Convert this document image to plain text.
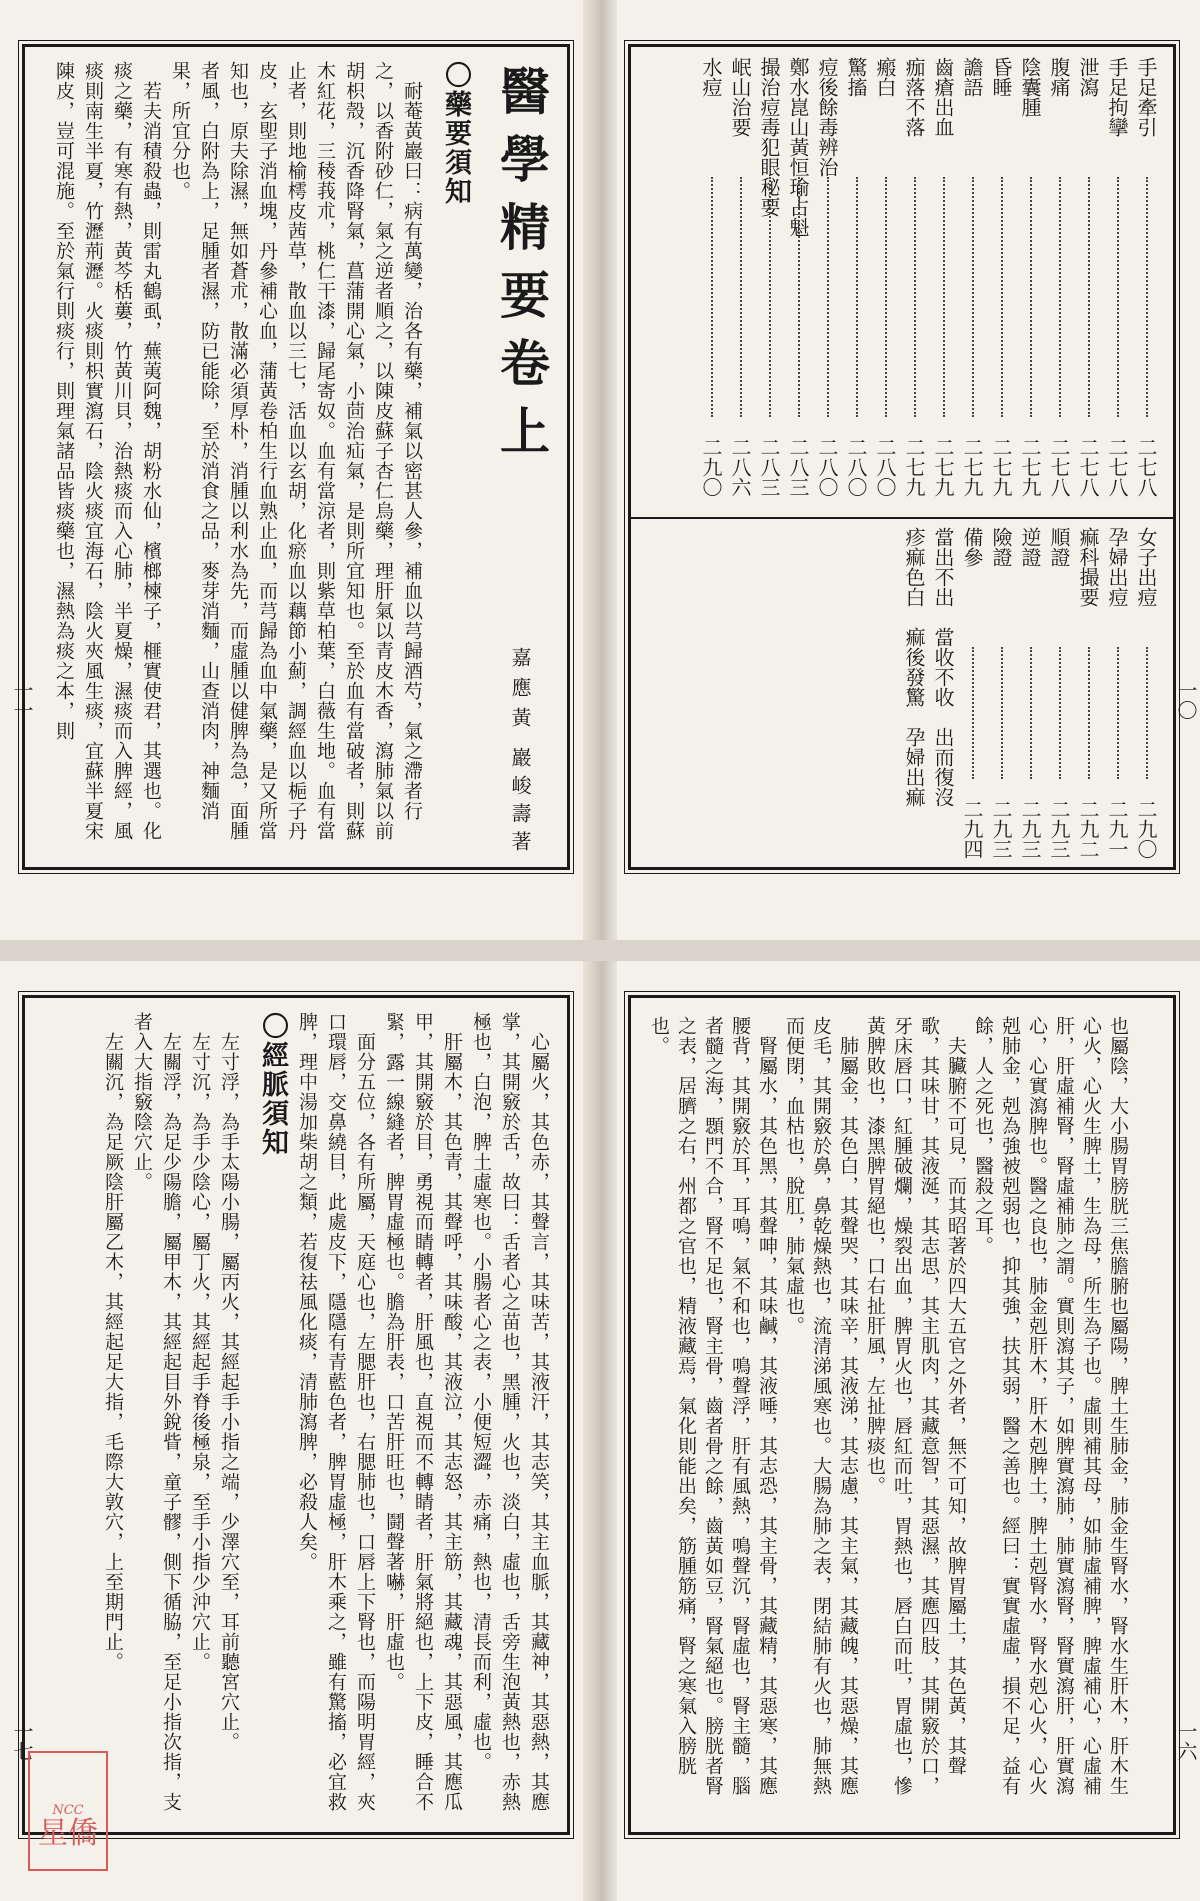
醫學精要卷上
嘉應黃
巖峻壽著
〇藥要須知
　耐菴黃巖曰：病有萬變，治各有藥，補氣以密甚人參，補血以芎歸酒芍，氣之滯者行之，以香附砂仁，氣之逆者順之，以陳皮蘇子杏仁烏藥，理肝氣以青皮木香，瀉肺氣以前胡枳殼，沉香降腎氣，菖蒲開心氣，小茴治疝氣，是則所宜知也。至於血有當破者，則蘇木紅花，三稜莪朮，桃仁干漆，歸尾寄奴。血有當涼者，則紫草柏葉，白薇生地。血有當止者，則地榆樗皮茜草，散血以三七，活血以玄胡，化瘀血以藕節小薊，調經血以梔子丹皮，玄堲子消血塊，丹參補心血，蒲黃卷柏生行血熟止血，而芎歸為血中氣藥，是又所當知也，原夫除濕，無如蒼朮，散滿必須厚朴，消腫以利水為先，而虛腫以健脾為急，面腫者風，白附為上，足腫者濕，防已能除，至於消食之品，麥芽消麵，山查消肉，神麵消果，所宜分也。
　若夫消積殺蟲，則雷丸鶴虱，蕪荑阿魏，胡粉水仙，檳榔楝子，榧實使君，其選也。化痰之藥，有寒有熱，黃芩栝蔞，竹黃川貝，治熱痰而入心肺，半夏燥，濕痰而入脾經，風痰則南生半夏，竹瀝荊瀝。火痰則枳實瀉石，陰火痰宜海石，陰火夾風生痰，宜蘇半夏宋陳皮，豈可混施。至於氣行則痰行，則理氣諸品皆痰藥也，濕熱為痰之本，則
一一
手足牽引
二七八
手足拘攣
二七八
泄瀉
二七八
腹痛
二七八
陰囊腫
二七九
昏睡
二七九
譫語
二七九
齒瘡出血
二七九
痂落不落
二七九
瘢白
二八〇
驚搐
二八〇
痘後餘毒辨治
二八〇
鄭水崑山黃恒瑜占魁
二八三
撮治痘毒犯眼秘要
二八三
岷山治要
二八六
水痘
二九〇
女子出痘
二九〇
孕婦出痘
二九一
痲科撮要
二九二
順證
二九三
逆證
二九三
險證
二九三
備參
二九四
當出不出　當收不收　出而復沒
疹痲色白　痲後發驚　孕婦出痲	一〇
　心屬火，其色赤，其聲言，其味苦，其液汗，其志笑，其主血脈，其藏神，其惡熱，其應掌，其開竅於舌，故曰：舌者心之苗也，黑腫，火也，淡白，虛也，舌旁生泡黃熱也，赤熱極也，白泡，脾土虛寒也。小腸者心之表，小便短澀，赤痛，熱也，清長而利，虛也。
　肝屬木，其色青，其聲呼，其味酸，其液泣，其志怒，其主筋，其藏魂，其惡風，其應瓜甲，其開竅於目，勇視而睛轉者，肝風也，直視而不轉睛者，肝氣將絕也，上下皮，睡合不緊，露一線縫者，脾胃虛極也。膽為肝表，口苦肝旺也，鬪聲著嚇，肝虛也。
　面分五位，各有所屬，天庭心也，左腮肝也，右腮肺也，口唇上下腎也，而陽明胃經，夾口環唇，交鼻繞目，此處皮下，隱隱有青藍色者，脾胃虛極，肝木乘之，雖有驚搐，必宜救脾，理中湯加柴胡之類，若復祛風化痰，清肺瀉脾，必殺人矣。
〇經脈須知
　左寸浮，為手太陽小腸，屬丙火，其經起手小指之端，少澤穴至，耳前聽宮穴止。
　左寸沉，為手少陰心，屬丁火，其經起手脊後極泉，至手小指少沖穴止。
　左關浮，為足少陽膽，屬甲木，其經起目外銳眥，童子髎，側下循脇，至足小指次指，支者入大指竅陰穴止。
　左關沉，為足厥陰肝屬乙木，其經起足大指，毛際大敦穴，上至期門止。
一七
NCC
星僑
也屬陰，大小腸胃膀胱三焦膽腑也屬陽，脾土生肺金，肺金生腎水，腎水生肝木，肝木生心火，心火生脾土，生為母，所生為子也。虛則補其母，如肺虛補脾，脾虛補心，心虛補肝，肝虛補腎，腎虛補肺之謂。實則瀉其子，如脾實瀉肺，肺實瀉腎，腎實瀉肝，肝實瀉心，心實瀉脾也。醫之良也，肺金剋肝木，肝木剋脾土，脾土剋腎水，腎水剋心火，心火剋肺金，剋為強被剋弱也，抑其強，扶其弱，醫之善也。經曰：實實虛虛，損不足，益有餘，人之死也，醫殺之耳。
　夫臟腑不可見，而其昭著於四大五官之外者，無不可知，故脾胃屬土，其色黃，其聲歌，其味甘，其液涎，其志思，其主肌肉，其藏意智，其惡濕，其應四肢，其開竅於口，牙床唇口，紅腫破爛，燥裂出血，脾胃火也，唇紅而吐，胃熱也，唇白而吐，胃虛也，慘黃脾敗也，漆黑脾胃絕也，口右扯肝風，左扯脾痰也。
　肺屬金，其色白，其聲哭，其味辛，其液涕，其志慮，其主氣，其藏魄，其惡燥，其應皮毛，其開竅於鼻，鼻乾燥熱也，流清涕風寒也。大腸為肺之表，閉結肺有火也，肺無熱而便閉，血枯也，脫肛，肺氣虛也。
　腎屬水，其色黑，其聲呻，其味鹹，其液唾，其志恐，其主骨，其藏精，其惡寒，其應腰背，其開竅於耳，耳鳴，氣不和也，鳴聲浮，肝有風熱，鳴聲沉，腎虛也，腎主髓，腦者髓之海，顋門不合，腎不足也，腎主骨，齒者骨之餘，齒黃如豆，腎氣絕也。膀胱者腎之表，居臍之右，州都之官也，精液藏焉，氣化則能出矣，筋腫筋痛，腎之寒氣入膀胱也。
一六
